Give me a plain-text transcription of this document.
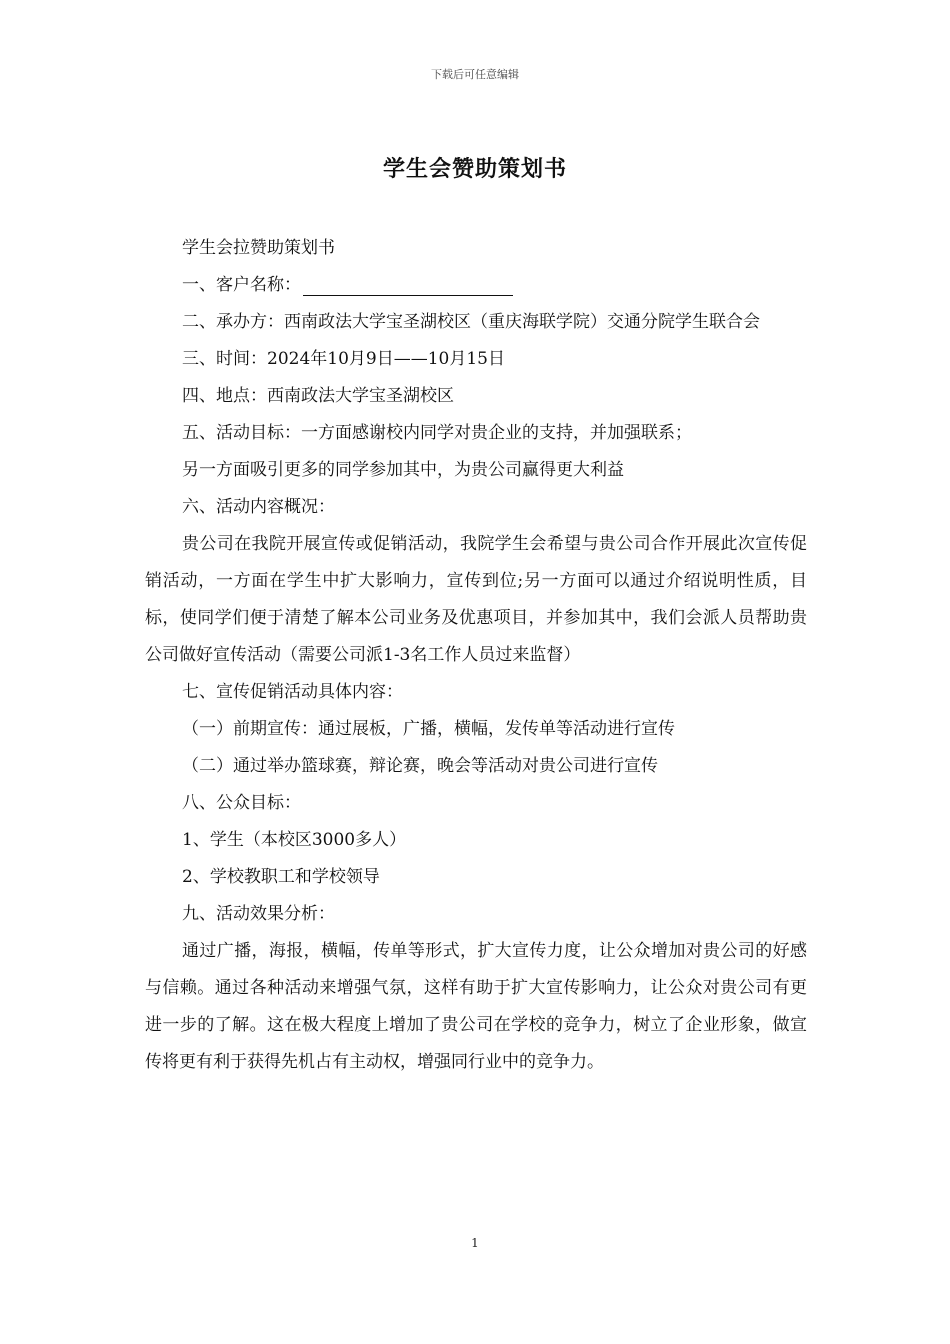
下载后可任意编辑
学生会赞助策划书

学生会拉赞助策划书

一、客户名称：

二、承办方：西南政法大学宝圣湖校区（重庆海联学院）交通分院学生联合会

三、时间：2024年10月9日——10月15日

四、地点：西南政法大学宝圣湖校区

五、活动目标：一方面感谢校内同学对贵企业的支持，并加强联系；

另一方面吸引更多的同学参加其中，为贵公司赢得更大利益

六、活动内容概况：

贵公司在我院开展宣传或促销活动，我院学生会希望与贵公司合作开展此次宣传促销活动，一方面在学生中扩大影响力，宣传到位;另一方面可以通过介绍说明性质，目标，使同学们便于清楚了解本公司业务及优惠项目，并参加其中，我们会派人员帮助贵公司做好宣传活动（需要公司派1-3名工作人员过来监督）

七、宣传促销活动具体内容：

（一）前期宣传：通过展板，广播，横幅，发传单等活动进行宣传

（二）通过举办篮球赛，辩论赛，晚会等活动对贵公司进行宣传

八、公众目标：

1、学生（本校区3000多人）

2、学校教职工和学校领导

九、活动效果分析：

通过广播，海报，横幅，传单等形式，扩大宣传力度，让公众增加对贵公司的好感与信赖。通过各种活动来增强气氛，这样有助于扩大宣传影响力，让公众对贵公司有更进一步的了解。这在极大程度上增加了贵公司在学校的竞争力，树立了企业形象，做宣传将更有利于获得先机占有主动权，增强同行业中的竞争力。

1
